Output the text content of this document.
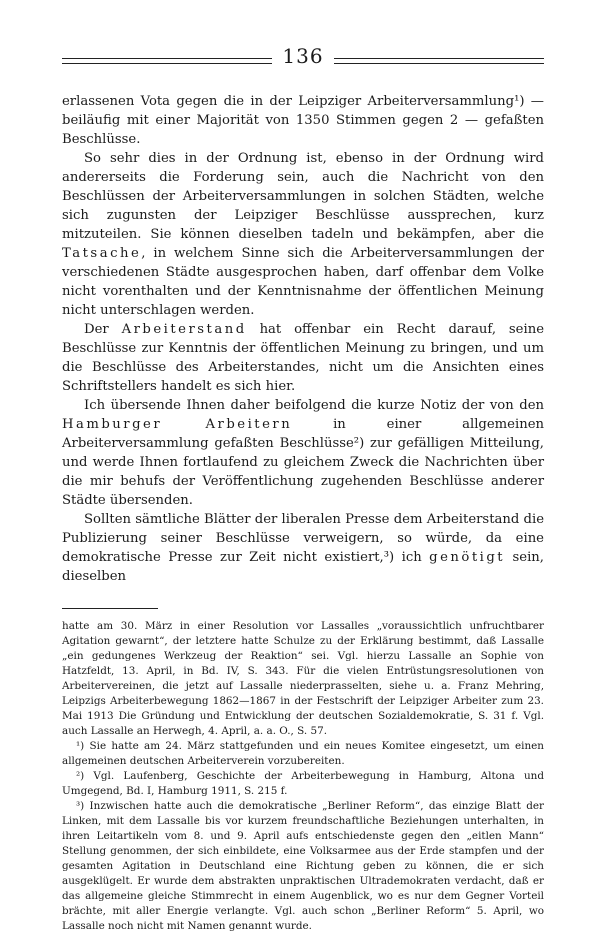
136

erlassenen Vota gegen die in der Leipziger Arbeiterversammlung¹) — beiläufig mit einer Majorität von 1350 Stimmen gegen 2 — gefaßten Beschlüsse.

So sehr dies in der Ordnung ist, ebenso in der Ordnung wird andererseits die Forderung sein, auch die Nachricht von den Beschlüssen der Arbeiterversammlungen in solchen Städten, welche sich zugunsten der Leipziger Beschlüsse aussprechen, kurz mitzuteilen. Sie können dieselben tadeln und bekämpfen, aber die Tatsache, in welchem Sinne sich die Arbeiterversammlungen der verschiedenen Städte ausgesprochen haben, darf offenbar dem Volke nicht vorenthalten und der Kenntnisnahme der öffentlichen Meinung nicht unterschlagen werden.

Der Arbeiterstand hat offenbar ein Recht darauf, seine Beschlüsse zur Kenntnis der öffentlichen Meinung zu bringen, und um die Beschlüsse des Arbeiterstandes, nicht um die Ansichten eines Schriftstellers handelt es sich hier.

Ich übersende Ihnen daher beifolgend die kurze Notiz der von den Hamburger Arbeitern in einer allgemeinen Arbeiterversammlung gefaßten Beschlüsse²) zur gefälligen Mitteilung, und werde Ihnen fortlaufend zu gleichem Zweck die Nachrichten über die mir behufs der Veröffentlichung zugehenden Beschlüsse anderer Städte übersenden.

Sollten sämtliche Blätter der liberalen Presse dem Arbeiterstand die Publizierung seiner Beschlüsse verweigern, so würde, da eine demokratische Presse zur Zeit nicht existiert,³) ich genötigt sein, dieselben

hatte am 30. März in einer Resolution vor Lassalles „voraussichtlich unfruchtbarer Agitation gewarnt“, der letztere hatte Schulze zu der Erklärung bestimmt, daß Lassalle „ein gedungenes Werkzeug der Reaktion“ sei. Vgl. hierzu Lassalle an Sophie von Hatzfeldt, 13. April, in Bd. IV, S. 343. Für die vielen Entrüstungsresolutionen von Arbeitervereinen, die jetzt auf Lassalle niederprasselten, siehe u. a. Franz Mehring, Leipzigs Arbeiterbewegung 1862—1867 in der Festschrift der Leipziger Arbeiter zum 23. Mai 1913 Die Gründung und Entwicklung der deutschen Sozialdemokratie, S. 31 f. Vgl. auch Lassalle an Herwegh, 4. April, a. a. O., S. 57.

¹) Sie hatte am 24. März stattgefunden und ein neues Komitee eingesetzt, um einen allgemeinen deutschen Arbeiterverein vorzubereiten.

²) Vgl. Laufenberg, Geschichte der Arbeiterbewegung in Hamburg, Altona und Umgegend, Bd. I, Hamburg 1911, S. 215 f.

³) Inzwischen hatte auch die demokratische „Berliner Reform“, das einzige Blatt der Linken, mit dem Lassalle bis vor kurzem freundschaftliche Beziehungen unterhalten, in ihren Leitartikeln vom 8. und 9. April aufs entschiedenste gegen den „eitlen Mann“ Stellung genommen, der sich einbildete, eine Volksarmee aus der Erde stampfen und der gesamten Agitation in Deutschland eine Richtung geben zu können, die er sich ausgeklügelt. Er wurde dem abstrakten unpraktischen Ultrademokraten verdacht, daß er das allgemeine gleiche Stimmrecht in einem Augenblick, wo es nur dem Gegner Vorteil brächte, mit aller Energie verlangte. Vgl. auch schon „Berliner Reform“ 5. April, wo Lassalle noch nicht mit Namen genannt wurde.
